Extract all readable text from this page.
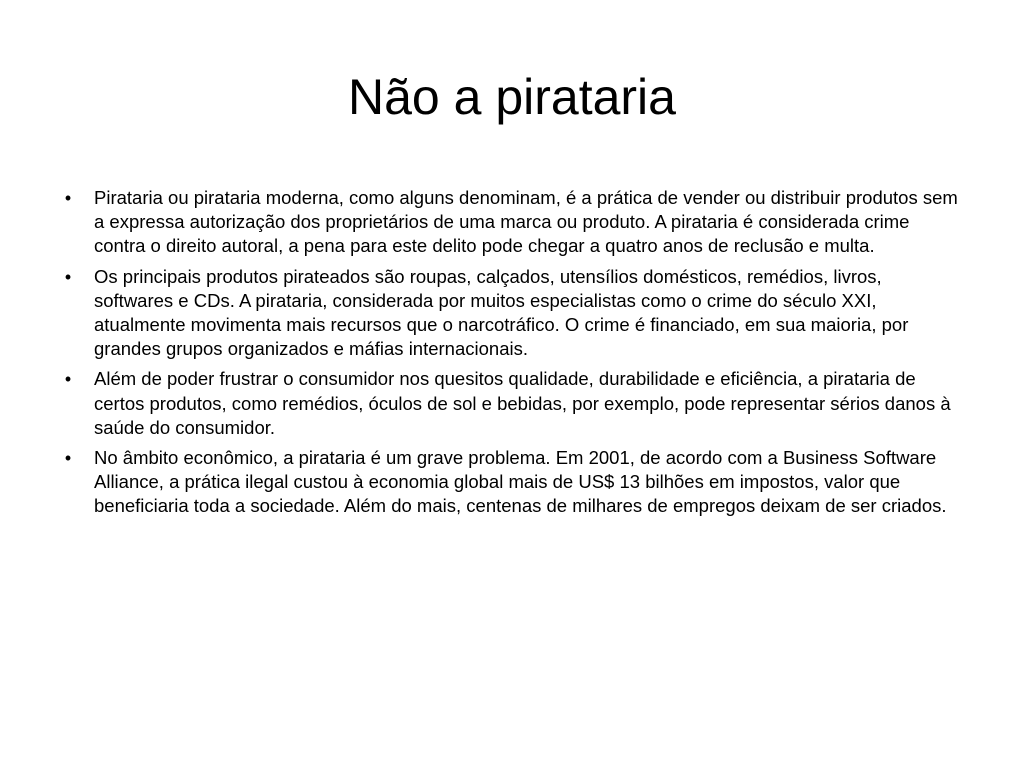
Não a pirataria
•	Pirataria ou pirataria moderna, como alguns denominam, é a prática de vender ou distribuir produtos sem a expressa autorização dos proprietários de uma marca ou produto. A pirataria é considerada crime contra o direito autoral, a pena para este delito pode chegar a quatro anos de reclusão e multa.
•	Os principais produtos pirateados são roupas, calçados, utensílios domésticos, remédios, livros, softwares e CDs. A pirataria, considerada por muitos especialistas como o crime do século XXI, atualmente movimenta mais recursos que o narcotráfico. O crime é financiado, em sua maioria, por grandes grupos organizados e máfias internacionais.
•	Além de poder frustrar o consumidor nos quesitos qualidade, durabilidade e eficiência, a pirataria de certos produtos, como remédios, óculos de sol e bebidas, por exemplo, pode representar sérios danos à saúde do consumidor.
•	No âmbito econômico, a pirataria é um grave problema. Em 2001, de acordo com a Business Software Alliance, a prática ilegal custou à economia global mais de US$ 13 bilhões em impostos, valor que beneficiaria toda a sociedade. Além do mais, centenas de milhares de empregos deixam de ser criados.
